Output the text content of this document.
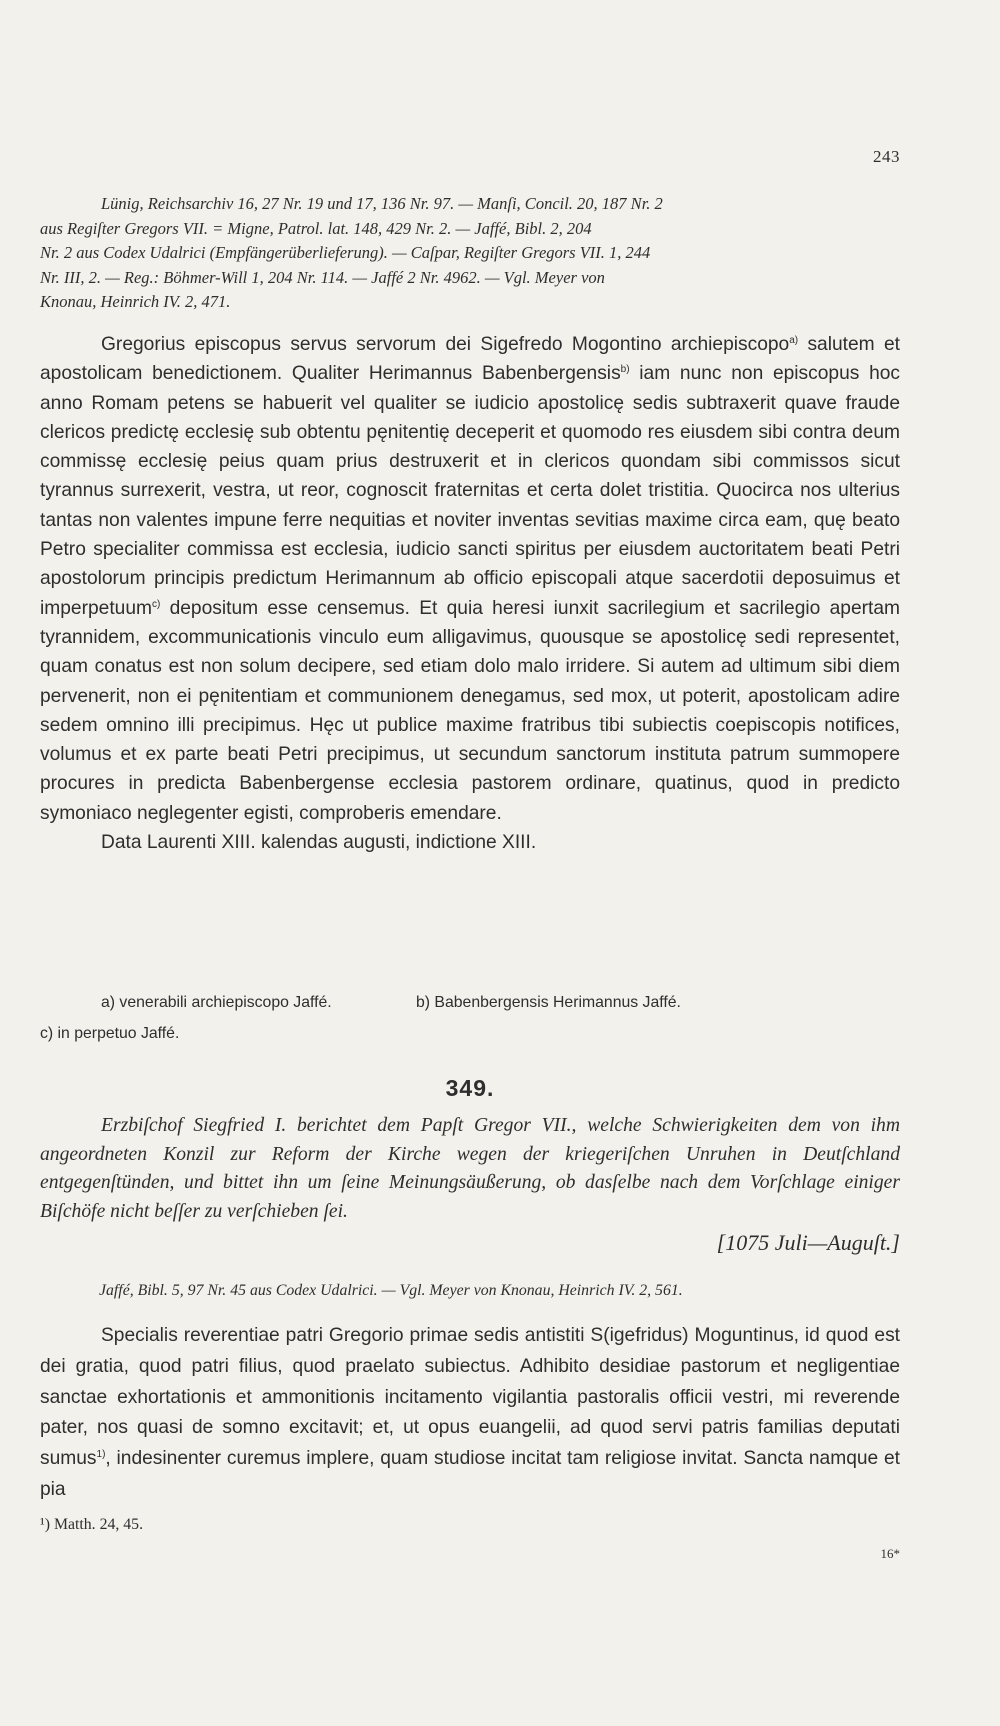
243
Lünig, Reichsarchiv 16, 27 Nr. 19 und 17, 136 Nr. 97. — Manſi, Concil. 20, 187 Nr. 2
aus Regiſter Gregors VII. = Migne, Patrol. lat. 148, 429 Nr. 2. — Jaffé, Bibl. 2, 204
Nr. 2 aus Codex Udalrici (Empfängerüberlieferung). — Caſpar, Regiſter Gregors VII. 1, 244
Nr. III, 2. — Reg.: Böhmer-Will 1, 204 Nr. 114. — Jaffé 2 Nr. 4962. — Vgl. Meyer von
Knonau, Heinrich IV. 2, 471.

Gregorius episcopus servus servorum dei Sigefredo Mogontino archiepiscopo$^{a)}$ salutem et apostolicam benedictionem. Qualiter Herimannus Babenbergensis$^{b)}$ iam nunc non episcopus hoc anno Romam petens se habuerit vel qualiter se iudicio apostolicę sedis subtraxerit quave fraude clericos predictę ecclesię sub obtentu pęnitentię deceperit et quomodo res eiusdem sibi contra deum commissę ecclesię peius quam prius destruxerit et in clericos quondam sibi commissos sicut tyrannus surrexerit, vestra, ut reor, cognoscit fraternitas et certa dolet tristitia. Quocirca nos ulterius tantas non valentes impune ferre nequitias et noviter inventas sevitias maxime circa eam, quę beato Petro specialiter commissa est ecclesia, iudicio sancti spiritus per eiusdem auctoritatem beati Petri apostolorum principis predictum Herimannum ab officio episcopali atque sacerdotii deposuimus et imperpetuum$^{c)}$ depositum esse censemus. Et quia heresi iunxit sacrilegium et sacrilegio apertam tyrannidem, excommunicationis vinculo eum alligavimus, quousque se apostolicę sedi representet, quam conatus est non solum decipere, sed etiam dolo malo irridere. Si autem ad ultimum sibi diem pervenerit, non ei pęnitentiam et communionem denegamus, sed mox, ut poterit, apostolicam adire sedem omnino illi precipimus. Hęc ut publice maxime fratribus tibi subiectis coepiscopis notifices, volumus et ex parte beati Petri precipimus, ut secundum sanctorum instituta patrum summopere procures in predicta Babenbergense ecclesia pastorem ordinare, quatinus, quod in predicto symoniaco neglegenter egisti, comproberis emendare.

Data Laurenti XIII. kalendas augusti, indictione XIII.

a) venerabili archiepiscopo Jaffé.	b) Babenbergensis Herimannus Jaffé.
c) in perpetuo Jaffé.
349.
Erzbiſchof Siegfried I. berichtet dem Papſt Gregor VII., welche Schwierigkeiten dem von ihm angeordneten Konzil zur Reform der Kirche wegen der kriegeriſchen Unruhen in Deutſchland entgegenſtünden, und bittet ihn um ſeine Meinungsäußerung, ob dasſelbe nach dem Vorſchlage einiger Biſchöfe nicht beſſer zu verſchieben ſei.
[1075 Juli—Auguſt.]
Jaffé, Bibl. 5, 97 Nr. 45 aus Codex Udalrici. — Vgl. Meyer von Knonau, Heinrich IV. 2, 561.

Specialis reverentiae patri Gregorio primae sedis antistiti S(igefridus) Moguntinus, id quod est dei gratia, quod patri filius, quod praelato subiectus. Adhibito desidiae pastorum et negligentiae sanctae exhortationis et ammonitionis incitamento vigilantia pastoralis officii vestri, mi reverende pater, nos quasi de somno excitavit; et, ut opus euangelii, ad quod servi patris familias deputati sumus$^{1)}$, indesinenter curemus implere, quam studiose incitat tam religiose invitat. Sancta namque et pia

¹) Matth. 24, 45.
16*
